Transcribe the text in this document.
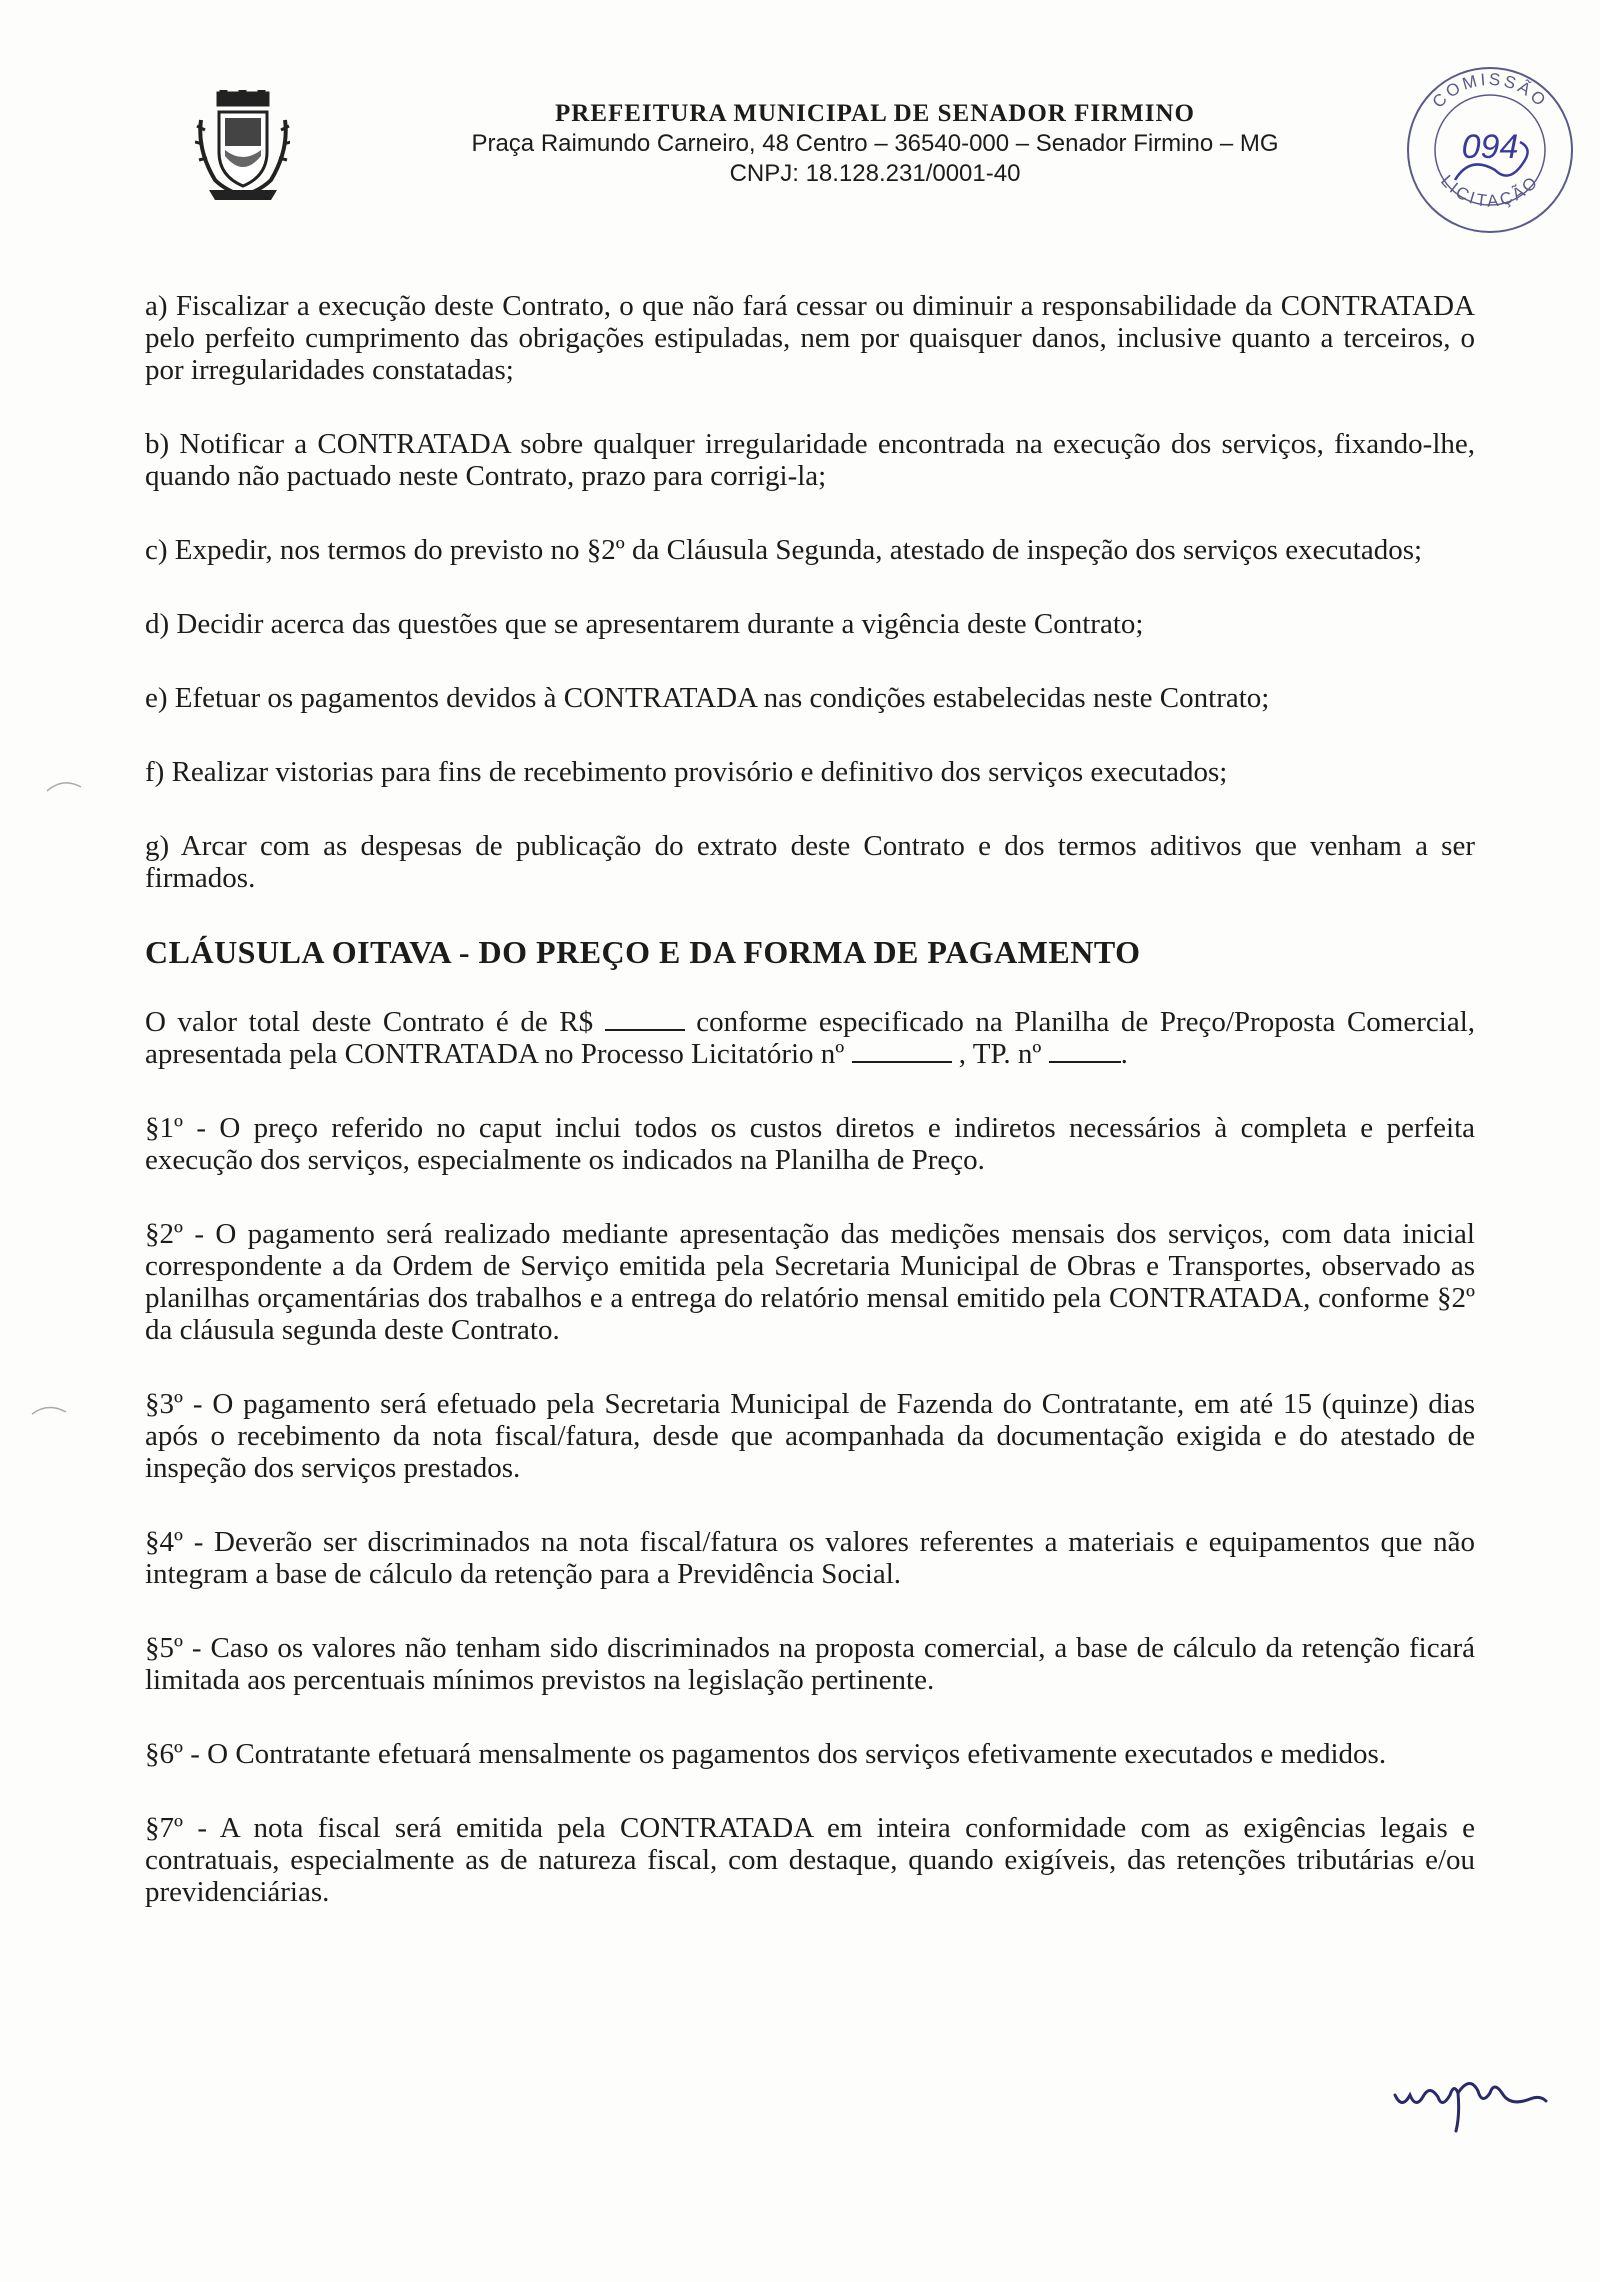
PREFEITURA MUNICIPAL DE SENADOR FIRMINO

Praça Raimundo Carneiro, 48 Centro – 36540-000 – Senador Firmino – MG

CNPJ: 18.128.231/0001-40

COMISSÃO
LICITAÇÃO
094

a) Fiscalizar a execução deste Contrato, o que não fará cessar ou diminuir a responsabilidade da CONTRATADA pelo perfeito cumprimento das obrigações estipuladas, nem por quaisquer danos, inclusive quanto a terceiros, o por irregularidades constatadas;

b) Notificar a CONTRATADA sobre qualquer irregularidade encontrada na execução dos serviços, fixando-lhe, quando não pactuado neste Contrato, prazo para corrigi-la;

c) Expedir, nos termos do previsto no §2º da Cláusula Segunda, atestado de inspeção dos serviços executados;

d) Decidir acerca das questões que se apresentarem durante a vigência deste Contrato;

e) Efetuar os pagamentos devidos à CONTRATADA nas condições estabelecidas neste Contrato;

f) Realizar vistorias para fins de recebimento provisório e definitivo dos serviços executados;

g) Arcar com as despesas de publicação do extrato deste Contrato e dos termos aditivos que venham a ser firmados.

CLÁUSULA OITAVA - DO PREÇO E DA FORMA DE PAGAMENTO

O valor total deste Contrato é de R$	conforme especificado na Planilha de Preço/Proposta Comercial, apresentada pela CONTRATADA no Processo Licitatório nº	, TP. nº	.

§1º - O preço referido no caput inclui todos os custos diretos e indiretos necessários à completa e perfeita execução dos serviços, especialmente os indicados na Planilha de Preço.

§2º - O pagamento será realizado mediante apresentação das medições mensais dos serviços, com data inicial correspondente a da Ordem de Serviço emitida pela Secretaria Municipal de Obras e Transportes, observado as planilhas orçamentárias dos trabalhos e a entrega do relatório mensal emitido pela CONTRATADA, conforme §2º da cláusula segunda deste Contrato.

§3º - O pagamento será efetuado pela Secretaria Municipal de Fazenda do Contratante, em até 15 (quinze) dias após o recebimento da nota fiscal/fatura, desde que acompanhada da documentação exigida e do atestado de inspeção dos serviços prestados.

§4º - Deverão ser discriminados na nota fiscal/fatura os valores referentes a materiais e equipamentos que não integram a base de cálculo da retenção para a Previdência Social.

§5º - Caso os valores não tenham sido discriminados na proposta comercial, a base de cálculo da retenção ficará limitada aos percentuais mínimos previstos na legislação pertinente.

§6º - O Contratante efetuará mensalmente os pagamentos dos serviços efetivamente executados e medidos.

§7º - A nota fiscal será emitida pela CONTRATADA em inteira conformidade com as exigências legais e contratuais, especialmente as de natureza fiscal, com destaque, quando exigíveis, das retenções tributárias e/ou previdenciárias.
